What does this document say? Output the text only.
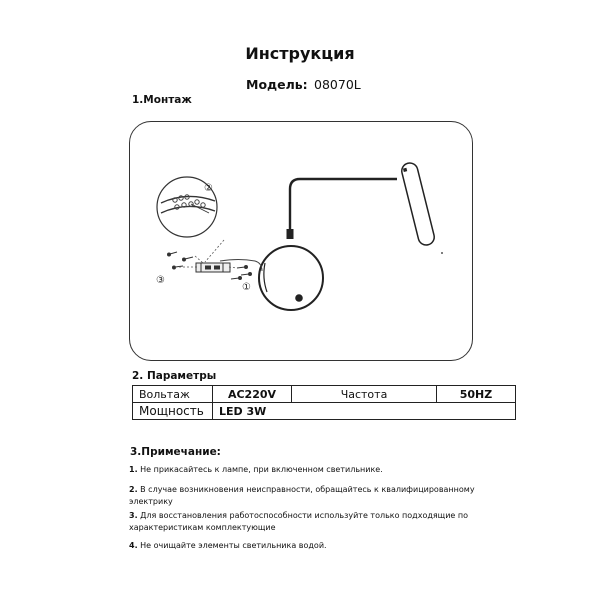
Инструкция
Модель: 08070L
1.Монтаж
②
③
①
2. Параметры
Вольтаж	AC220V	Частота	50HZ
Мощность	LED 3W		
3.Примечание:
1. Не прикасайтесь к лампе, при включенном светильнике.
2. В случае возникновения неисправности, обращайтесь к квалифицированному
электрику
3. Для восстановления работоспособности используйте только подходящие по
характеристикам комплектующие
4. Не очищайте элементы светильника водой.
